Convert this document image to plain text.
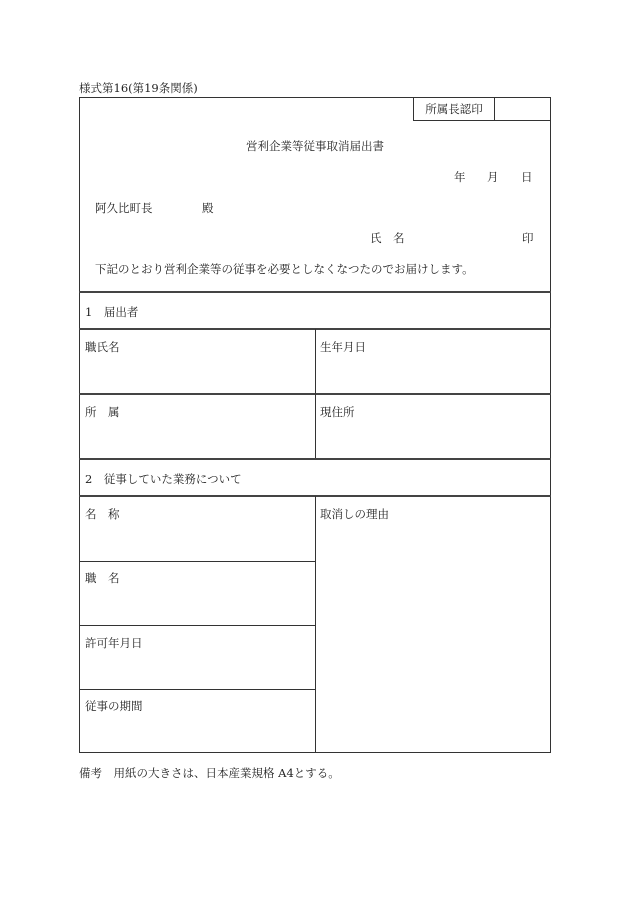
様式第16(第19条関係)
所属長認印
営利企業等従事取消届出書
年 月 日
阿久比町長	殿
氏　名	印
下記のとおり営利企業等の従事を必要としなくなつたのでお届けします。
1　届出者
職氏名	生年月日
所　属	現住所
2　従事していた業務について
名　称	取消しの理由
職　名
許可年月日
従事の期間
備考　用紙の大きさは、日本産業規格 A4とする。
